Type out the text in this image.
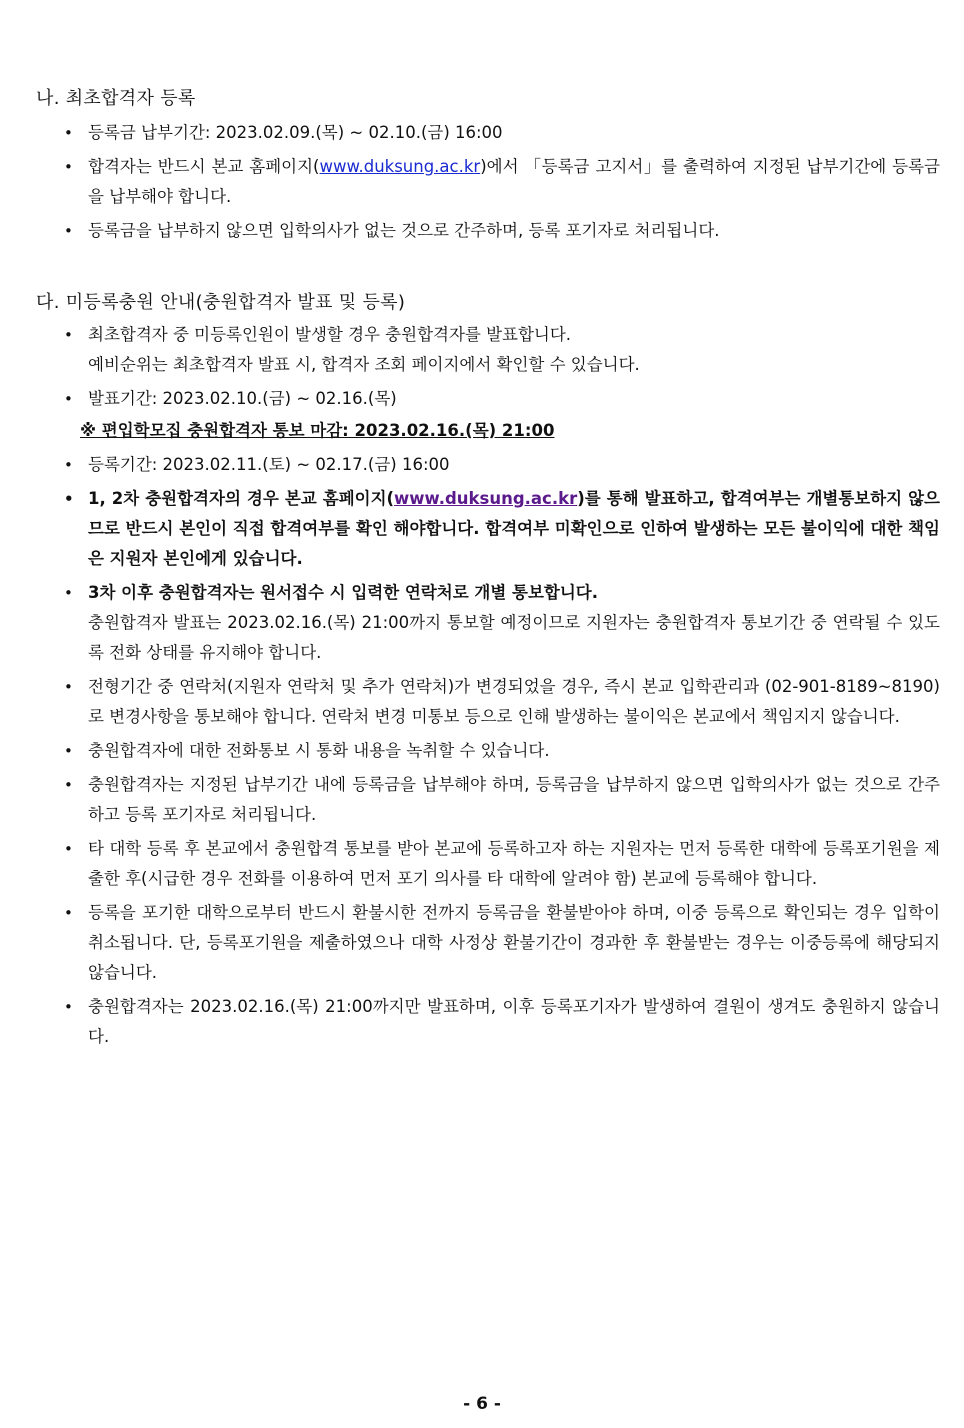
나. 최초합격자 등록
• 등록금 납부기간: 2023.02.09.(목) ~ 02.10.(금) 16:00
• 합격자는 반드시 본교 홈페이지(www.duksung.ac.kr)에서 「등록금 고지서」를 출력하여 지정된 납부기간에 등록금을 납부해야 합니다.
• 등록금을 납부하지 않으면 입학의사가 없는 것으로 간주하며, 등록 포기자로 처리됩니다.
다. 미등록충원 안내(충원합격자 발표 및 등록)
• 최초합격자 중 미등록인원이 발생할 경우 충원합격자를 발표합니다.
예비순위는 최초합격자 발표 시, 합격자 조회 페이지에서 확인할 수 있습니다.
• 발표기간: 2023.02.10.(금) ~ 02.16.(목)
※ 편입학모집 충원합격자 통보 마감: 2023.02.16.(목) 21:00
• 등록기간: 2023.02.11.(토) ~ 02.17.(금) 16:00
• 1, 2차 충원합격자의 경우 본교 홈페이지(www.duksung.ac.kr)를 통해 발표하고, 합격여부는 개별통보하지 않으므로 반드시 본인이 직접 합격여부를 확인 해야합니다. 합격여부 미확인으로 인하여 발생하는 모든 불이익에 대한 책임은 지원자 본인에게 있습니다.
• 3차 이후 충원합격자는 원서접수 시 입력한 연락처로 개별 통보합니다.
충원합격자 발표는 2023.02.16.(목) 21:00까지 통보할 예정이므로 지원자는 충원합격자 통보기간 중 연락될 수 있도록 전화 상태를 유지해야 합니다.
• 전형기간 중 연락처(지원자 연락처 및 추가 연락처)가 변경되었을 경우, 즉시 본교 입학관리과 (02-901-8189~8190)로 변경사항을 통보해야 합니다. 연락처 변경 미통보 등으로 인해 발생하는 불이익은 본교에서 책임지지 않습니다.
• 충원합격자에 대한 전화통보 시 통화 내용을 녹취할 수 있습니다.
• 충원합격자는 지정된 납부기간 내에 등록금을 납부해야 하며, 등록금을 납부하지 않으면 입학의사가 없는 것으로 간주하고 등록 포기자로 처리됩니다.
• 타 대학 등록 후 본교에서 충원합격 통보를 받아 본교에 등록하고자 하는 지원자는 먼저 등록한 대학에 등록포기원을 제출한 후(시급한 경우 전화를 이용하여 먼저 포기 의사를 타 대학에 알려야 함) 본교에 등록해야 합니다.
• 등록을 포기한 대학으로부터 반드시 환불시한 전까지 등록금을 환불받아야 하며, 이중 등록으로 확인되는 경우 입학이 취소됩니다. 단, 등록포기원을 제출하였으나 대학 사정상 환불기간이 경과한 후 환불받는 경우는 이중등록에 해당되지 않습니다.
• 충원합격자는 2023.02.16.(목) 21:00까지만 발표하며, 이후 등록포기자가 발생하여 결원이 생겨도 충원하지 않습니다.
- 6 -
